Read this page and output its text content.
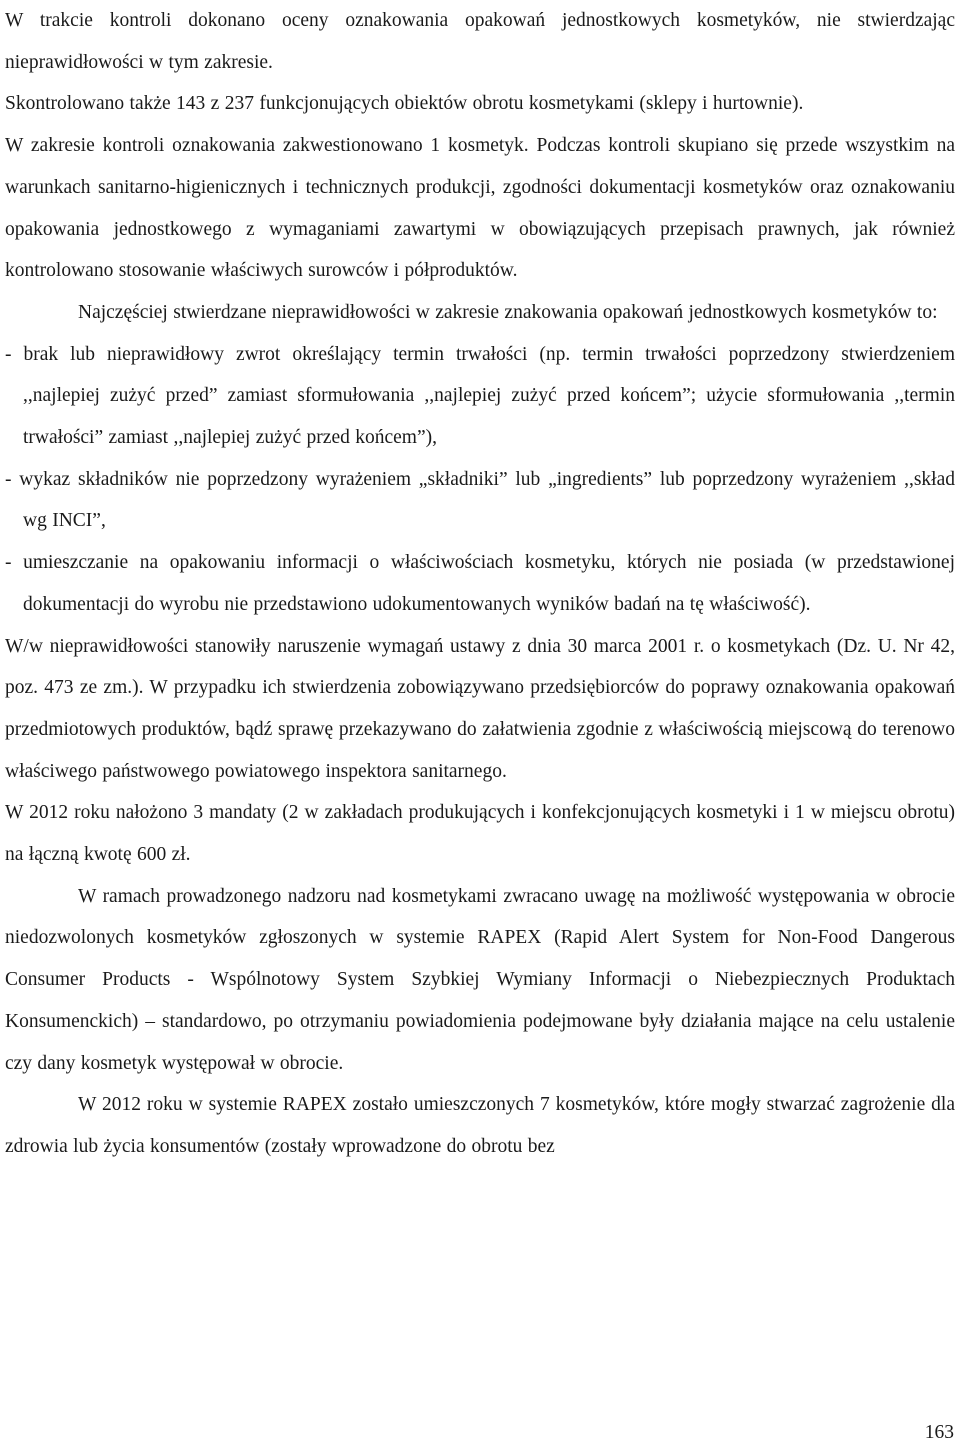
W trakcie kontroli dokonano oceny oznakowania opakowań jednostkowych kosmetyków, nie stwierdzając nieprawidłowości w tym zakresie.

Skontrolowano także 143 z 237 funkcjonujących obiektów obrotu kosmetykami (sklepy i hurtownie).

W zakresie kontroli oznakowania zakwestionowano 1 kosmetyk. Podczas kontroli skupiano się przede wszystkim na warunkach sanitarno-higienicznych i technicznych produkcji, zgodności dokumentacji kosmetyków oraz oznakowaniu opakowania jednostkowego z wymaganiami zawartymi w obowiązujących przepisach prawnych, jak również kontrolowano stosowanie właściwych surowców i półproduktów.

Najczęściej stwierdzane nieprawidłowości w zakresie znakowania opakowań jednostkowych kosmetyków to:

- brak lub nieprawidłowy zwrot określający termin trwałości (np. termin trwałości poprzedzony stwierdzeniem ,,najlepiej zużyć przed” zamiast sformułowania ,,najlepiej zużyć przed końcem”; użycie sformułowania ,,termin trwałości” zamiast ,,najlepiej zużyć przed końcem”),

- wykaz składników nie poprzedzony wyrażeniem „składniki” lub „ingredients” lub poprzedzony wyrażeniem ,,skład wg INCI”,

- umieszczanie na opakowaniu informacji o właściwościach kosmetyku, których nie posiada (w przedstawionej dokumentacji do wyrobu nie przedstawiono udokumentowanych wyników badań na tę właściwość).

W/w nieprawidłowości stanowiły naruszenie wymagań ustawy z dnia 30 marca 2001 r. o kosmetykach (Dz. U. Nr 42, poz. 473 ze zm.). W przypadku ich stwierdzenia zobowiązywano przedsiębiorców do poprawy oznakowania opakowań przedmiotowych produktów, bądź sprawę przekazywano do załatwienia zgodnie z właściwością miejscową do terenowo właściwego państwowego powiatowego inspektora sanitarnego.

W 2012 roku nałożono 3 mandaty (2 w zakładach produkujących i konfekcjonujących kosmetyki i 1 w miejscu obrotu) na łączną kwotę 600 zł.

W ramach prowadzonego nadzoru nad kosmetykami zwracano uwagę na możliwość występowania w obrocie niedozwolonych kosmetyków zgłoszonych w systemie RAPEX (Rapid Alert System for Non-Food Dangerous Consumer Products - Wspólnotowy System Szybkiej Wymiany Informacji o Niebezpiecznych Produktach Konsumenckich) – standardowo, po otrzymaniu powiadomienia podejmowane były działania mające na celu ustalenie czy dany kosmetyk występował w obrocie.

W 2012 roku w systemie RAPEX zostało umieszczonych 7 kosmetyków, które mogły stwarzać zagrożenie dla zdrowia lub życia konsumentów (zostały wprowadzone do obrotu bez

163
